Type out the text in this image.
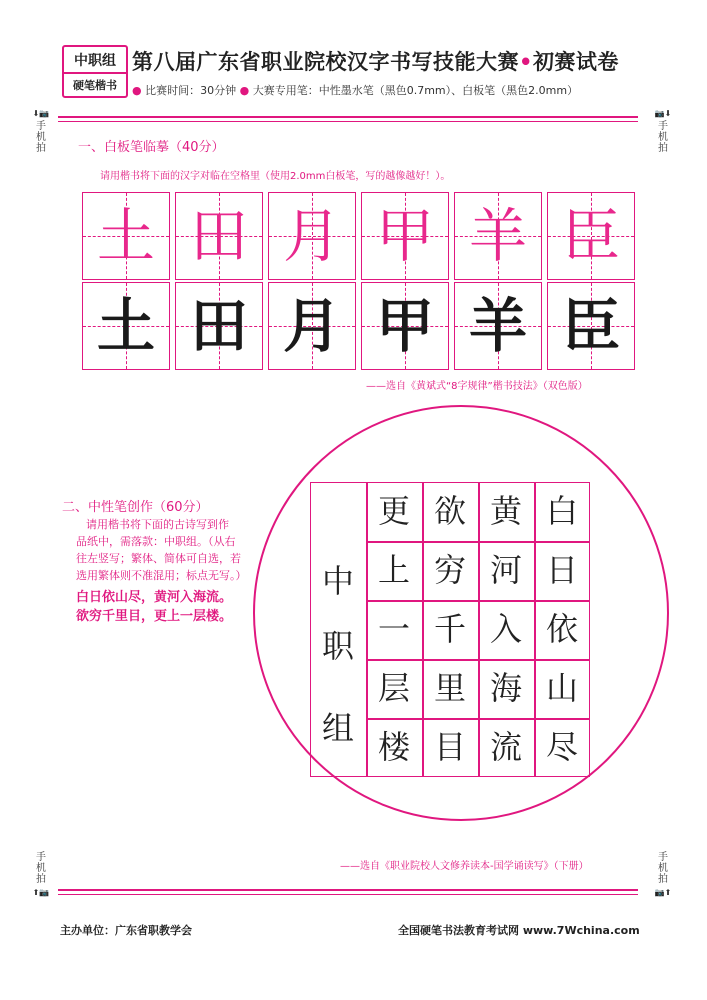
中职组
硬笔楷书
第八届广东省职业院校汉字书写技能大赛•初赛试卷
● 比赛时间：30分钟 ● 大赛专用笔：中性墨水笔（黑色0.7mm）、白板笔（黑色2.0mm）
⬇📷
手机拍
📷⬇
手机拍
手机拍
⬆📷
手机拍
📷⬆
一、白板笔临摹（40分）
请用楷书将下面的汉字对临在空格里（使用2.0mm白板笔，写的越像越好！）。
土 田 月 甲 羊 臣
土 田 月 甲 羊 臣
——选自《黄斌式“8字规律”楷书技法》（双色版）
二、中性笔创作（60分）
请用楷书将下面的古诗写到作
品纸中，需落款：中职组。（从右
往左竖写；繁体、简体可自选，若
选用繁体则不准混用；标点无写。）
白日依山尽，黄河入海流。
欲穷千里目，更上一层楼。
白
日
依
山
尽
黄
河
入
海
流
欲
穷
千
里
目
更
上
一
层
楼
中
职
组
——选自《职业院校人文修养读本-国学诵读写》（下册）
主办单位：广东省职教学会	全国硬笔书法教育考试网 www.7Wchina.com
